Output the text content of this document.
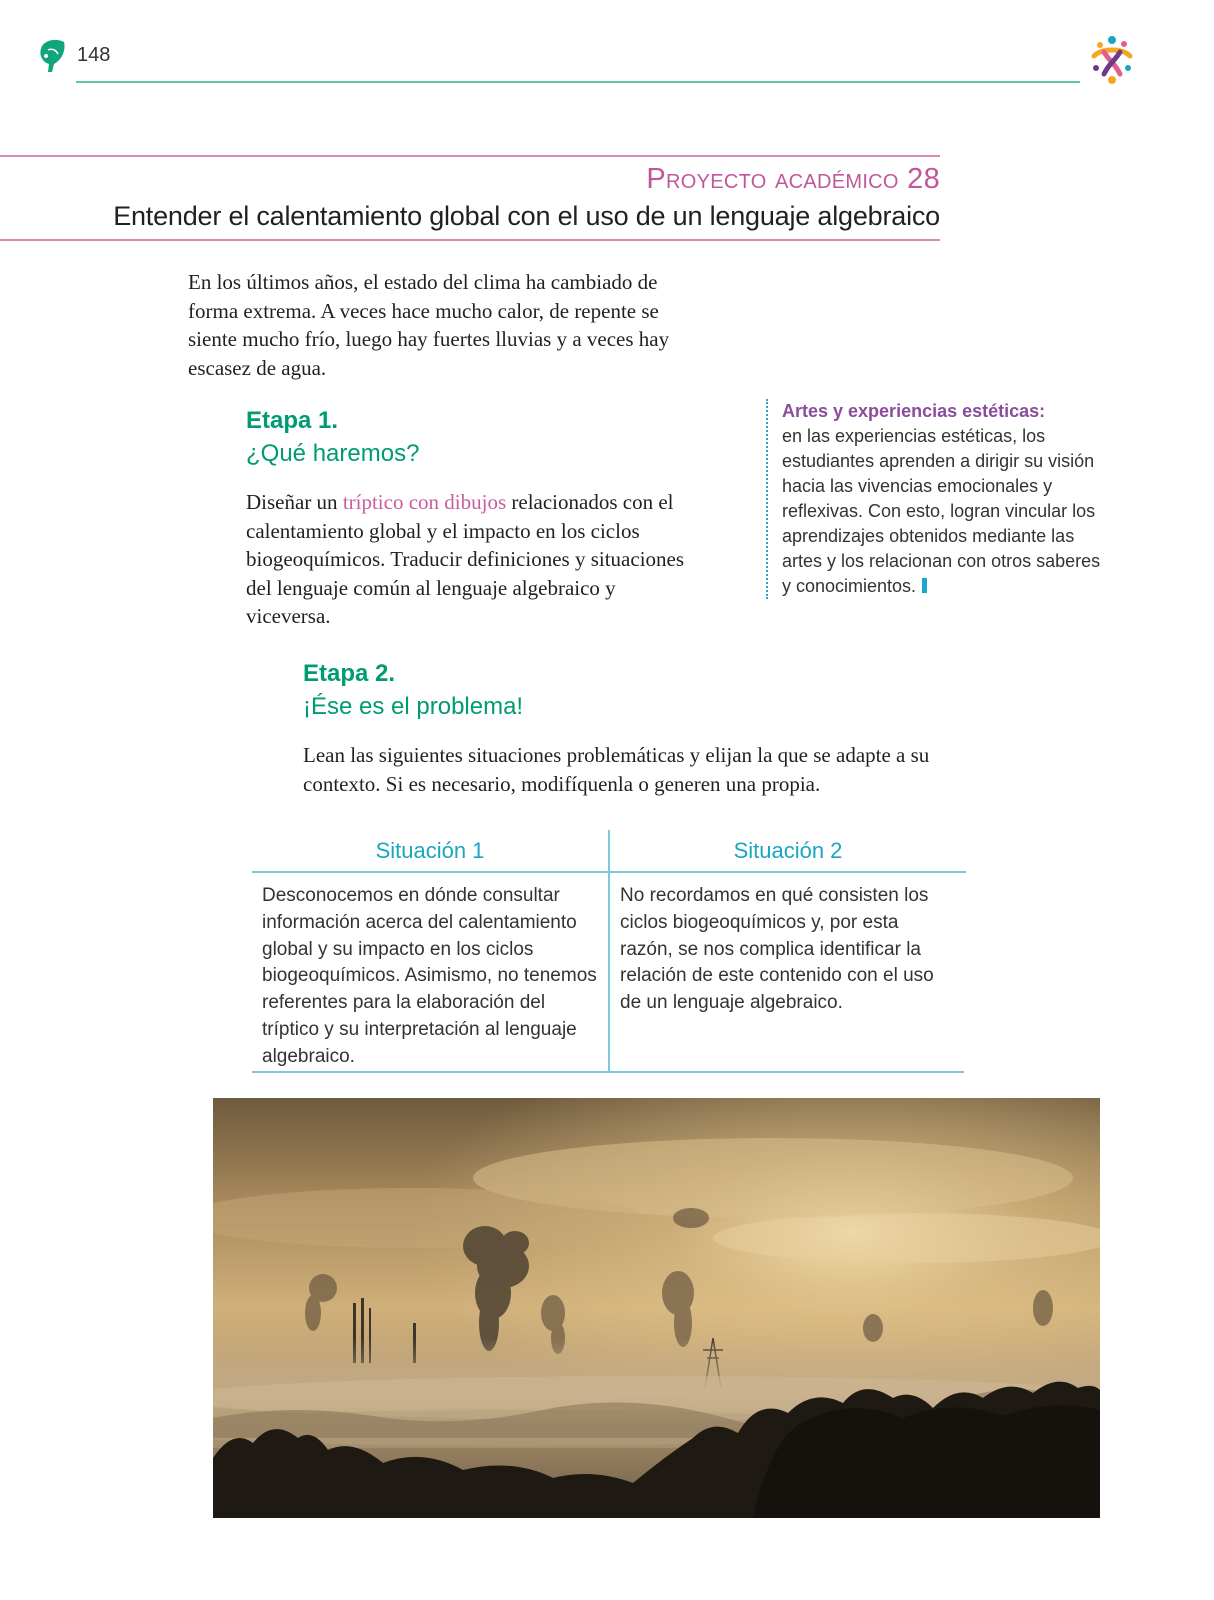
148
Proyecto académico 28
Entender el calentamiento global con el uso de un lenguaje algebraico
En los últimos años, el estado del clima ha cambiado de forma extrema. A veces hace mucho calor, de repente se siente mucho frío, luego hay fuertes lluvias y a veces hay escasez de agua.
Etapa 1.
¿Qué haremos?
Diseñar un tríptico con dibujos relacionados con el calentamiento global y el impacto en los ciclos biogeoquímicos. Traducir definiciones y situaciones del lenguaje común al lenguaje algebraico y viceversa.
Artes y experiencias estéticas:
en las experiencias estéticas, los estudiantes aprenden a dirigir su visión hacia las vivencias emocionales y reflexivas. Con esto, logran vincular los aprendizajes obtenidos mediante las artes y los relacionan con otros saberes y conocimientos.
Etapa 2.
¡Ése es el problema!
Lean las siguientes situaciones problemáticas y elijan la que se adapte a su contexto. Si es necesario, modifíquenla o generen una propia.
Situación 1
Desconocemos en dónde consultar información acerca del calentamiento global y su impacto en los ciclos biogeoquímicos. Asimismo, no tenemos referentes para la elaboración del tríptico y su interpretación al lenguaje algebraico.
Situación 2
No recordamos en qué consisten los ciclos biogeoquímicos y, por esta razón, se nos complica identificar la relación de este contenido con el uso de un lenguaje algebraico.
